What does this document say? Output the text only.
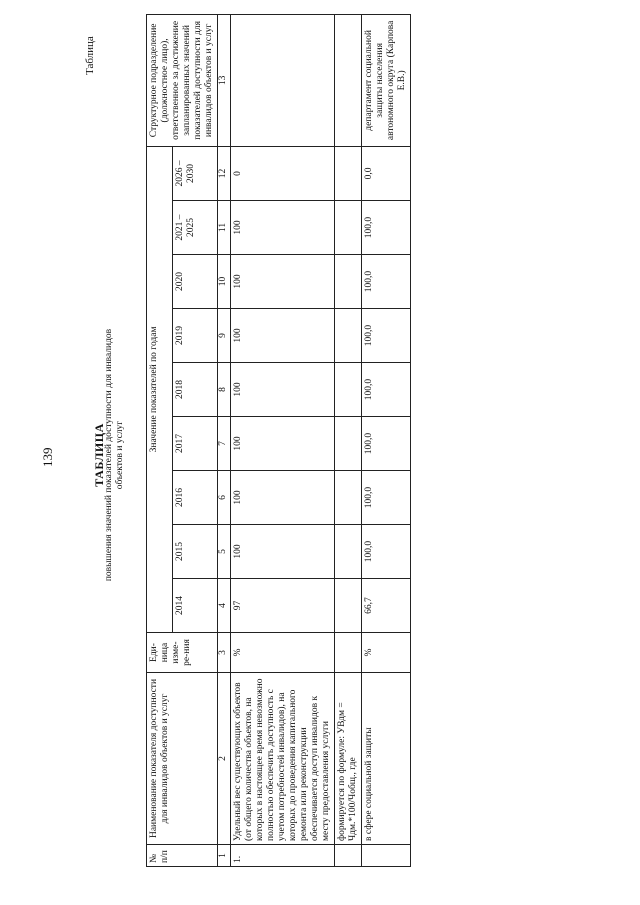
139
Таблица
ТАБЛИЦА
повышения значений показателей доступности для инвалидов объектов и услуг
№ п/п	Наименование показателя доступности для инвалидов объектов и услуг	Еди-ница изме-ре-ния	Значение показателей по годам									Структурное подразделение (должностное лицо), ответственное за достижение запланированных значений показателей доступности для инвалидов объектов и услуг
			2014	2015	2016	2017	2018	2019	2020	2021 – 2025	2026 – 2030	
1	2	3	4	5	6	7	8	9	10	11	12	13
1.	Удельный вес существующих объектов (от общего количества объектов, на которых в настоящее время невозможно полностью обеспечить доступность с учетом потребностей инвалидов), на которых до проведения капитального ремонта или реконструкции обеспечивается доступ инвалидов к месту предоставления услуги	%	97	100	100	100	100	100	100	100	0	
	формируется по формуле: УВдм = Чдм.*100/Чобщ., где											
	в сфере социальной защиты	%	66,7	100,0	100,0	100,0	100,0	100,0	100,0	100,0	0,0	департамент социальной защиты населения автономного округа (Карпова Е.В.)
